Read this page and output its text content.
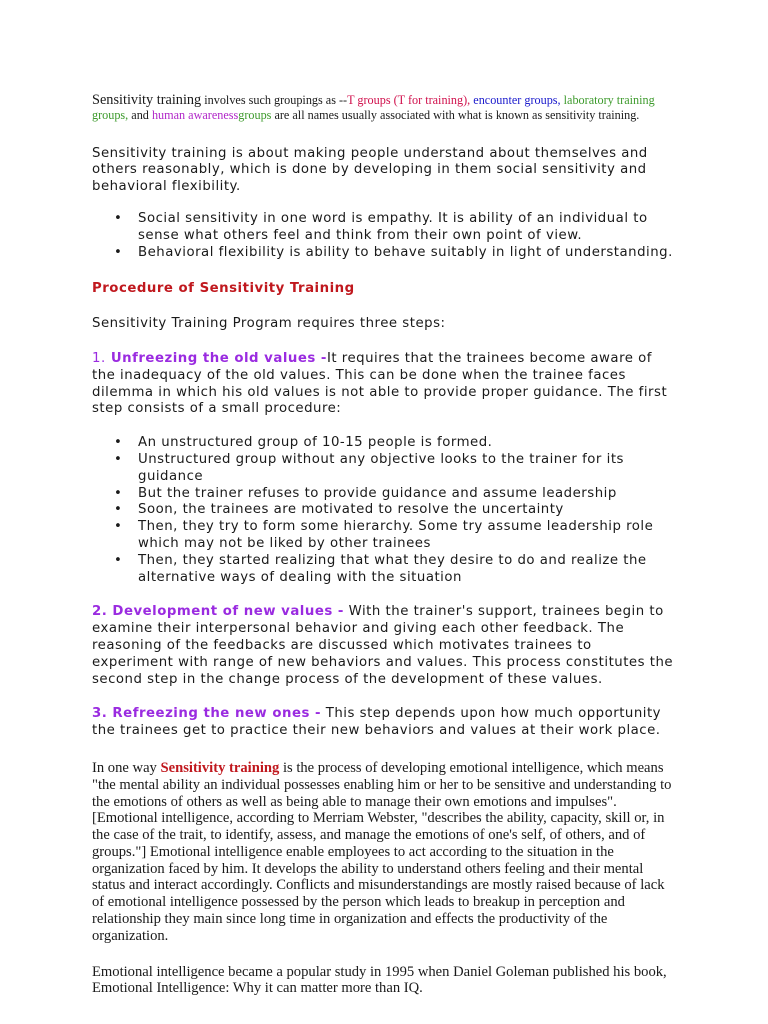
Sensitivity training involves such groupings as --T groups (T for training), encounter groups, laboratory training groups, and human awarenessgroups are all names usually associated with what is known as sensitivity training.

Sensitivity training is about making people understand about themselves and others reasonably, which is done by developing in them social sensitivity and behavioral flexibility.

• Social sensitivity in one word is empathy. It is ability of an individual to sense what others feel and think from their own point of view.
• Behavioral flexibility is ability to behave suitably in light of understanding.
Procedure of Sensitivity Training

Sensitivity Training Program requires three steps:

1. Unfreezing the old values -It requires that the trainees become aware of the inadequacy of the old values. This can be done when the trainee faces dilemma in which his old values is not able to provide proper guidance. The first step consists of a small procedure:

• An unstructured group of 10-15 people is formed.
• Unstructured group without any objective looks to the trainer for its guidance
• But the trainer refuses to provide guidance and assume leadership
• Soon, the trainees are motivated to resolve the uncertainty
• Then, they try to form some hierarchy. Some try assume leadership role which may not be liked by other trainees
• Then, they started realizing that what they desire to do and realize the alternative ways of dealing with the situation

2. Development of new values - With the trainer's support, trainees begin to examine their interpersonal behavior and giving each other feedback. The reasoning of the feedbacks are discussed which motivates trainees to experiment with range of new behaviors and values. This process constitutes the second step in the change process of the development of these values.

3. Refreezing the new ones - This step depends upon how much opportunity the trainees get to practice their new behaviors and values at their work place.

In one way Sensitivity training is the process of developing emotional intelligence, which means "the mental ability an individual possesses enabling him or her to be sensitive and understanding to the emotions of others as well as being able to manage their own emotions and impulses". [Emotional intelligence, according to Merriam Webster, "describes the ability, capacity, skill or, in the case of the trait, to identify, assess, and manage the emotions of one's self, of others, and of groups."] Emotional intelligence enable employees to act according to the situation in the organization faced by him. It develops the ability to understand others feeling and their mental status and interact accordingly. Conflicts and misunderstandings are mostly raised because of lack of emotional intelligence possessed by the person which leads to breakup in perception and relationship they main since long time in organization and effects the productivity of the organization.

Emotional intelligence became a popular study in 1995 when Daniel Goleman published his book, Emotional Intelligence: Why it can matter more than IQ.
